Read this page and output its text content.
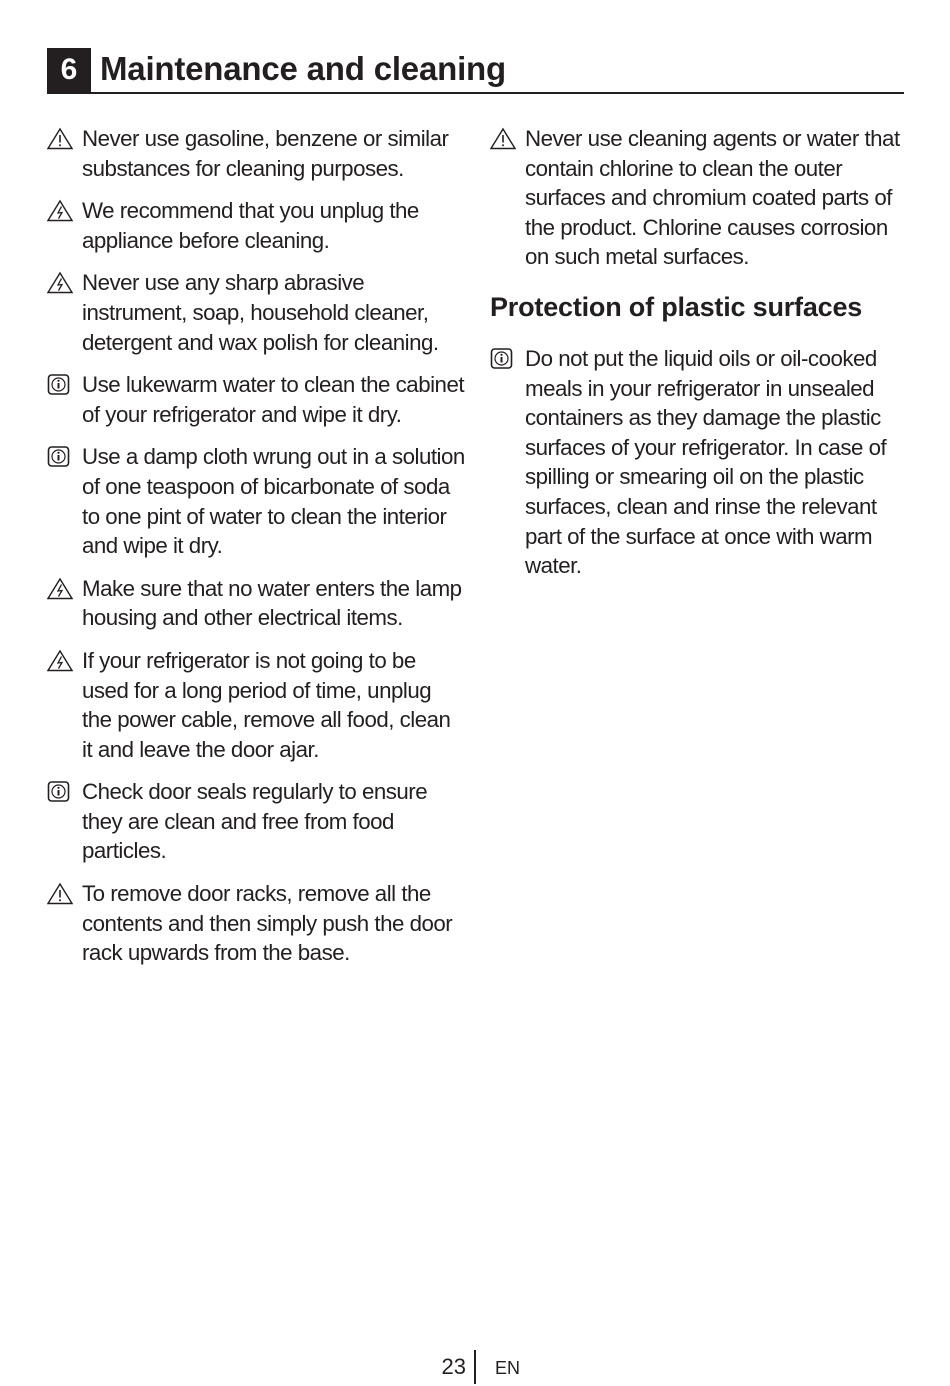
6 Maintenance and cleaning
Never use gasoline, benzene or similar substances for cleaning purposes.
We recommend that you unplug the appliance before cleaning.
Never use any sharp abrasive instrument, soap, household cleaner, detergent and wax polish for cleaning.
Use lukewarm water to clean the cabinet of your refrigerator and wipe it dry.
Use a damp cloth wrung out in a solution of one teaspoon of bicarbonate of soda to one pint of water to clean the interior and wipe it dry.
Make sure that no water enters the lamp housing and other electrical items.
If your refrigerator is not going to be used for a long period of time, unplug the power cable, remove all food, clean it and leave the door ajar.
Check door seals regularly to ensure they are clean and free from food particles.
To remove door racks, remove all the contents and then simply push the door rack upwards from the base.
Never use cleaning agents or water that contain chlorine to clean the outer surfaces and chromium coated parts of the product. Chlorine causes corrosion on such metal surfaces.
Protection of plastic surfaces
Do not put the liquid oils or oil-cooked meals in your refrigerator in unsealed containers as they damage the plastic surfaces of your refrigerator. In case of spilling or smearing oil on the plastic surfaces, clean and rinse the relevant part of the surface at once with warm water.
23 EN
